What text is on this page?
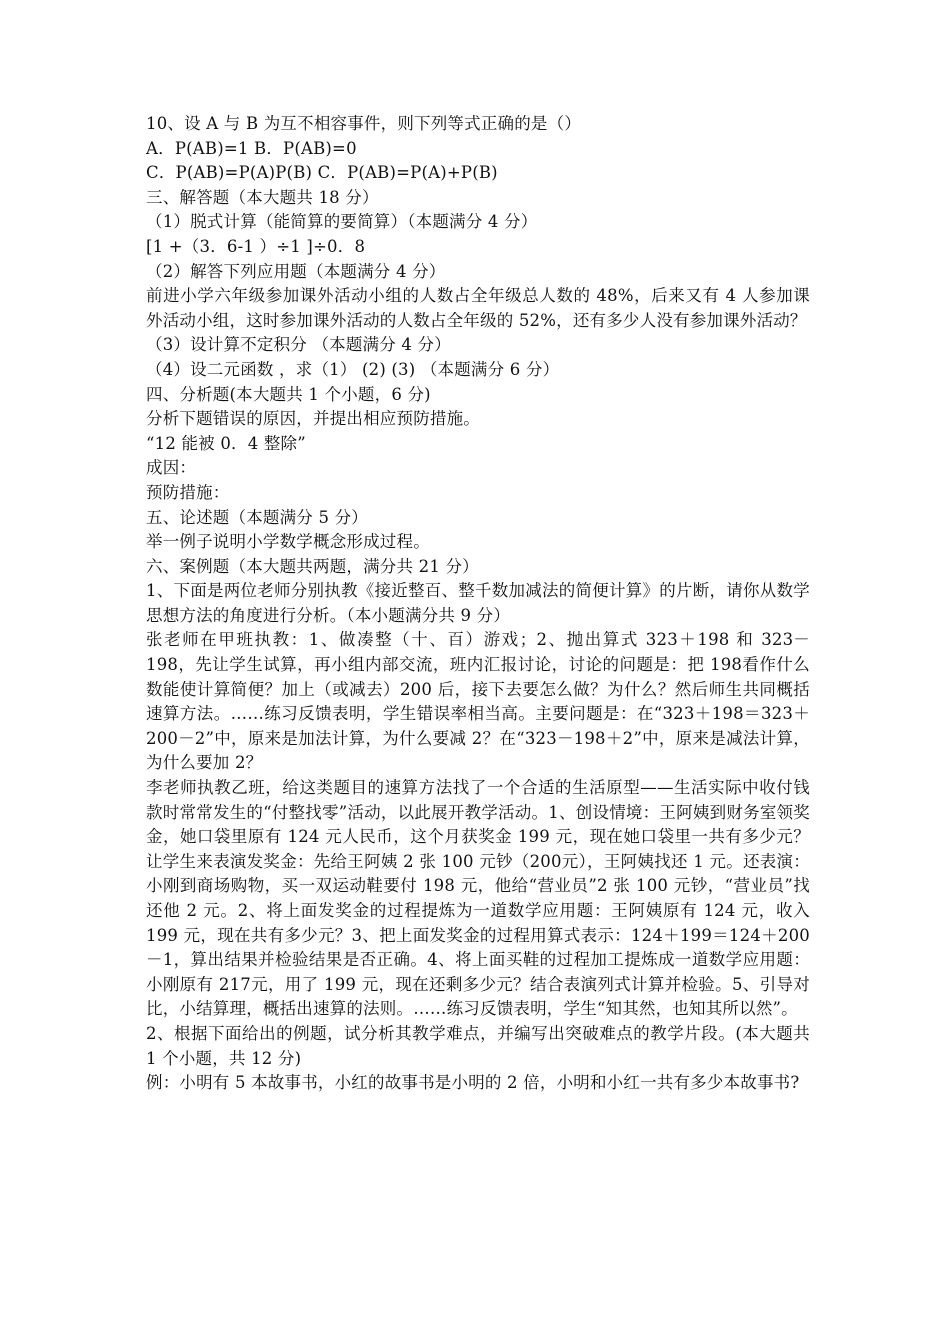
10、设 A 与 B 为互不相容事件，则下列等式正确的是（）
A．P(AB)=1 B．P(AB)=0
C．P(AB)=P(A)P(B) C．P(AB)=P(A)+P(B)
三、解答题（本大题共 18 分）
（1）脱式计算（能简算的要简算）（本题满分 4 分）
[1 +（3．6-1 ）÷1 ]÷0．8
（2）解答下列应用题（本题满分 4 分）
前进小学六年级参加课外活动小组的人数占全年级总人数的 48%，后来又有 4 人参加课外活动小组，这时参加课外活动的人数占全年级的 52%，还有多少人没有参加课外活动？
（3）设计算不定积分 （本题满分 4 分）
（4）设二元函数 ，求（1） (2) (3) （本题满分 6 分）
四、分析题(本大题共 1 个小题，6 分)
分析下题错误的原因，并提出相应预防措施。
“12 能被 0．4 整除”
成因：
预防措施：
五、论述题（本题满分 5 分）
举一例子说明小学数学概念形成过程。
六、案例题（本大题共两题，满分共 21 分）
1、下面是两位老师分别执教《接近整百、整千数加减法的简便计算》的片断，请你从数学思想方法的角度进行分析。（本小题满分共 9 分）
张老师在甲班执教：1、做凑整（十、百）游戏；2、抛出算式 323＋198 和 323－198，先让学生试算，再小组内部交流，班内汇报讨论，讨论的问题是：把 198看作什么数能使计算简便？加上（或减去）200 后，接下去要怎么做？为什么？然后师生共同概括速算方法。……练习反馈表明，学生错误率相当高。主要问题是：在“323＋198＝323＋200－2”中，原来是加法计算，为什么要减 2？在“323－198＋2”中，原来是减法计算，为什么要加 2？
李老师执教乙班，给这类题目的速算方法找了一个合适的生活原型——生活实际中收付钱款时常常发生的“付整找零”活动，以此展开教学活动。1、创设情境：王阿姨到财务室领奖金，她口袋里原有 124 元人民币，这个月获奖金 199 元，现在她口袋里一共有多少元？让学生来表演发奖金：先给王阿姨 2 张 100 元钞（200元），王阿姨找还 1 元。还表演：小刚到商场购物，买一双运动鞋要付 198 元，他给“营业员”2 张 100 元钞，“营业员”找还他 2 元。2、将上面发奖金的过程提炼为一道数学应用题：王阿姨原有 124 元，收入 199 元，现在共有多少元？3、把上面发奖金的过程用算式表示：124＋199＝124＋200－1，算出结果并检验结果是否正确。4、将上面买鞋的过程加工提炼成一道数学应用题：小刚原有 217元，用了 199 元，现在还剩多少元？结合表演列式计算并检验。5、引导对比，小结算理，概括出速算的法则。……练习反馈表明，学生“知其然，也知其所以然”。
2、根据下面给出的例题，试分析其教学难点，并编写出突破难点的教学片段。(本大题共 1 个小题，共 12 分)
例：小明有 5 本故事书，小红的故事书是小明的 2 倍，小明和小红一共有多少本故事书?
